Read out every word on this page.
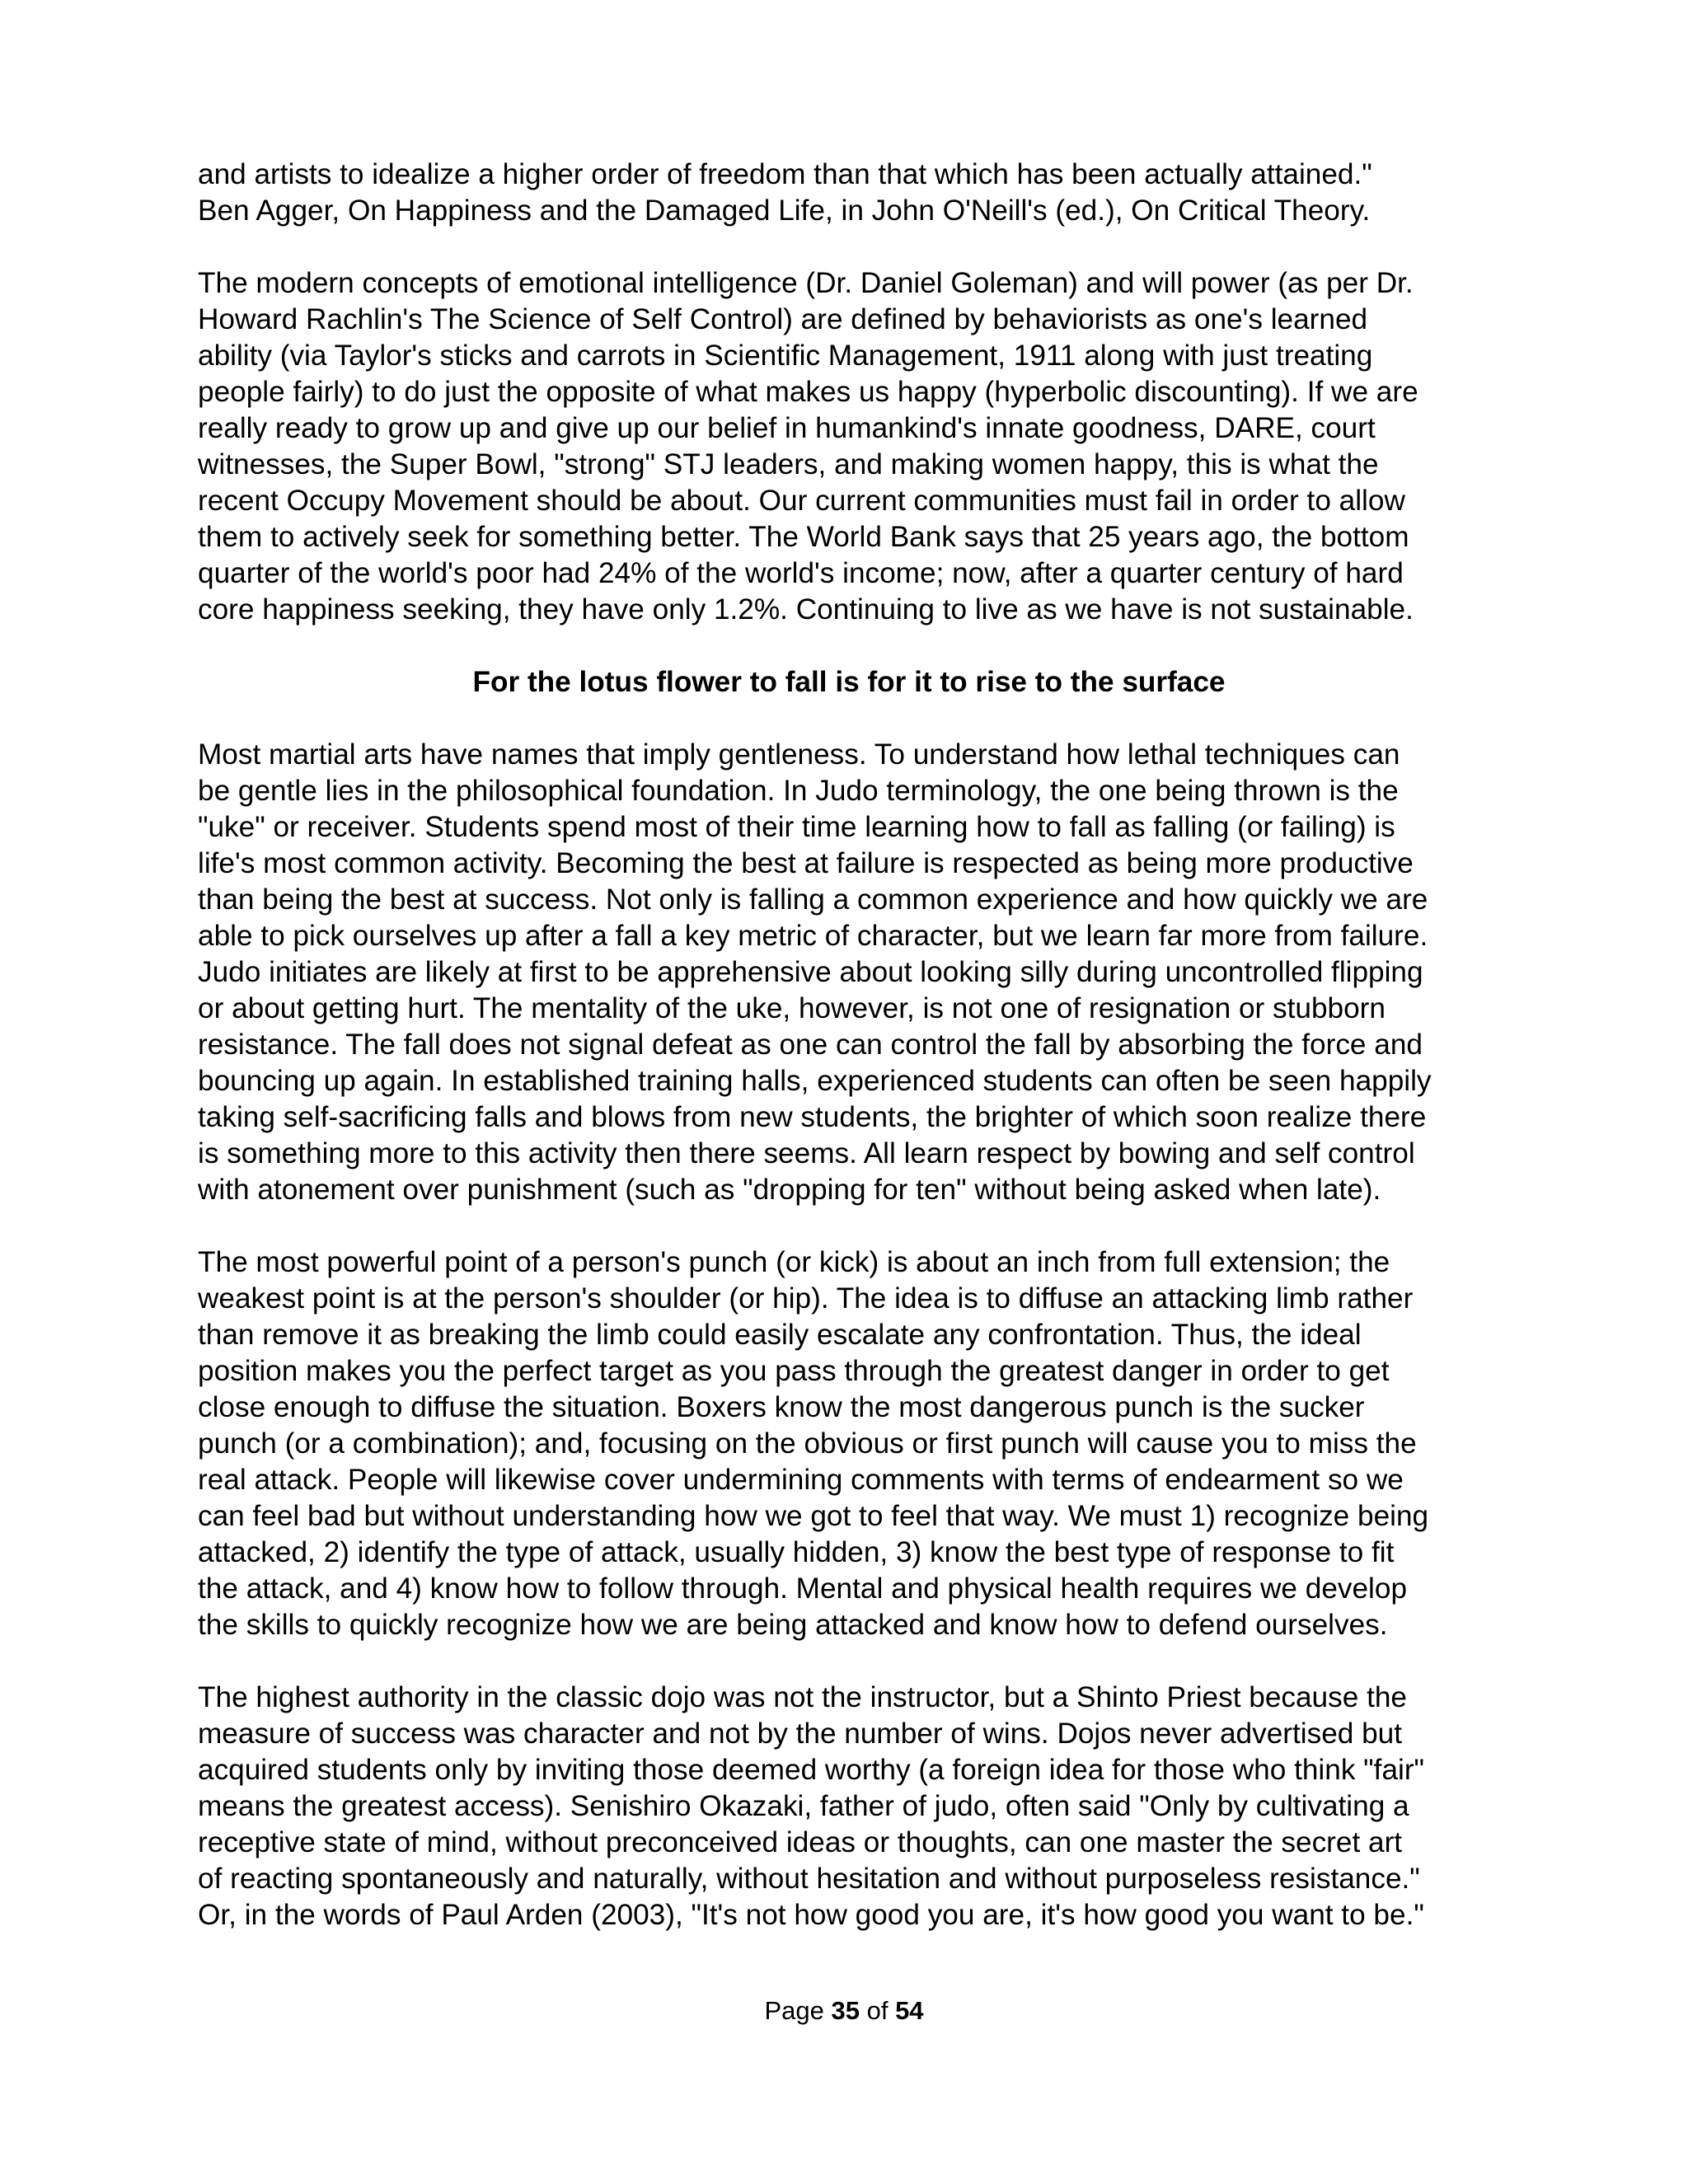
and artists to idealize a higher order of freedom than that which has been actually attained."
Ben Agger, On Happiness and the Damaged Life, in John O'Neill's (ed.), On Critical Theory.

The modern concepts of emotional intelligence (Dr. Daniel Goleman) and will power (as per Dr.
Howard Rachlin's The Science of Self Control) are defined by behaviorists as one's learned
ability (via Taylor's sticks and carrots in Scientific Management, 1911 along with just treating
people fairly) to do just the opposite of what makes us happy (hyperbolic discounting). If we are
really ready to grow up and give up our belief in humankind's innate goodness, DARE, court
witnesses, the Super Bowl, "strong" STJ leaders, and making women happy, this is what the
recent Occupy Movement should be about. Our current communities must fail in order to allow
them to actively seek for something better. The World Bank says that 25 years ago, the bottom
quarter of the world's poor had 24% of the world's income; now, after a quarter century of hard
core happiness seeking, they have only 1.2%. Continuing to live as we have is not sustainable.

For the lotus flower to fall is for it to rise to the surface

Most martial arts have names that imply gentleness. To understand how lethal techniques can
be gentle lies in the philosophical foundation. In Judo terminology, the one being thrown is the
"uke" or receiver. Students spend most of their time learning how to fall as falling (or failing) is
life's most common activity. Becoming the best at failure is respected as being more productive
than being the best at success. Not only is falling a common experience and how quickly we are
able to pick ourselves up after a fall a key metric of character, but we learn far more from failure.
Judo initiates are likely at first to be apprehensive about looking silly during uncontrolled flipping
or about getting hurt. The mentality of the uke, however, is not one of resignation or stubborn
resistance. The fall does not signal defeat as one can control the fall by absorbing the force and
bouncing up again. In established training halls, experienced students can often be seen happily
taking self-sacrificing falls and blows from new students, the brighter of which soon realize there
is something more to this activity then there seems. All learn respect by bowing and self control
with atonement over punishment (such as "dropping for ten" without being asked when late).

The most powerful point of a person's punch (or kick) is about an inch from full extension; the
weakest point is at the person's shoulder (or hip). The idea is to diffuse an attacking limb rather
than remove it as breaking the limb could easily escalate any confrontation. Thus, the ideal
position makes you the perfect target as you pass through the greatest danger in order to get
close enough to diffuse the situation. Boxers know the most dangerous punch is the sucker
punch (or a combination); and, focusing on the obvious or first punch will cause you to miss the
real attack. People will likewise cover undermining comments with terms of endearment so we
can feel bad but without understanding how we got to feel that way. We must 1) recognize being
attacked, 2) identify the type of attack, usually hidden, 3) know the best type of response to fit
the attack, and 4) know how to follow through. Mental and physical health requires we develop
the skills to quickly recognize how we are being attacked and know how to defend ourselves.

The highest authority in the classic dojo was not the instructor, but a Shinto Priest because the
measure of success was character and not by the number of wins. Dojos never advertised but
acquired students only by inviting those deemed worthy (a foreign idea for those who think "fair"
means the greatest access). Senishiro Okazaki, father of judo, often said "Only by cultivating a
receptive state of mind, without preconceived ideas or thoughts, can one master the secret art
of reacting spontaneously and naturally, without hesitation and without purposeless resistance."
Or, in the words of Paul Arden (2003), "It's not how good you are, it's how good you want to be."

Page 35 of 54
